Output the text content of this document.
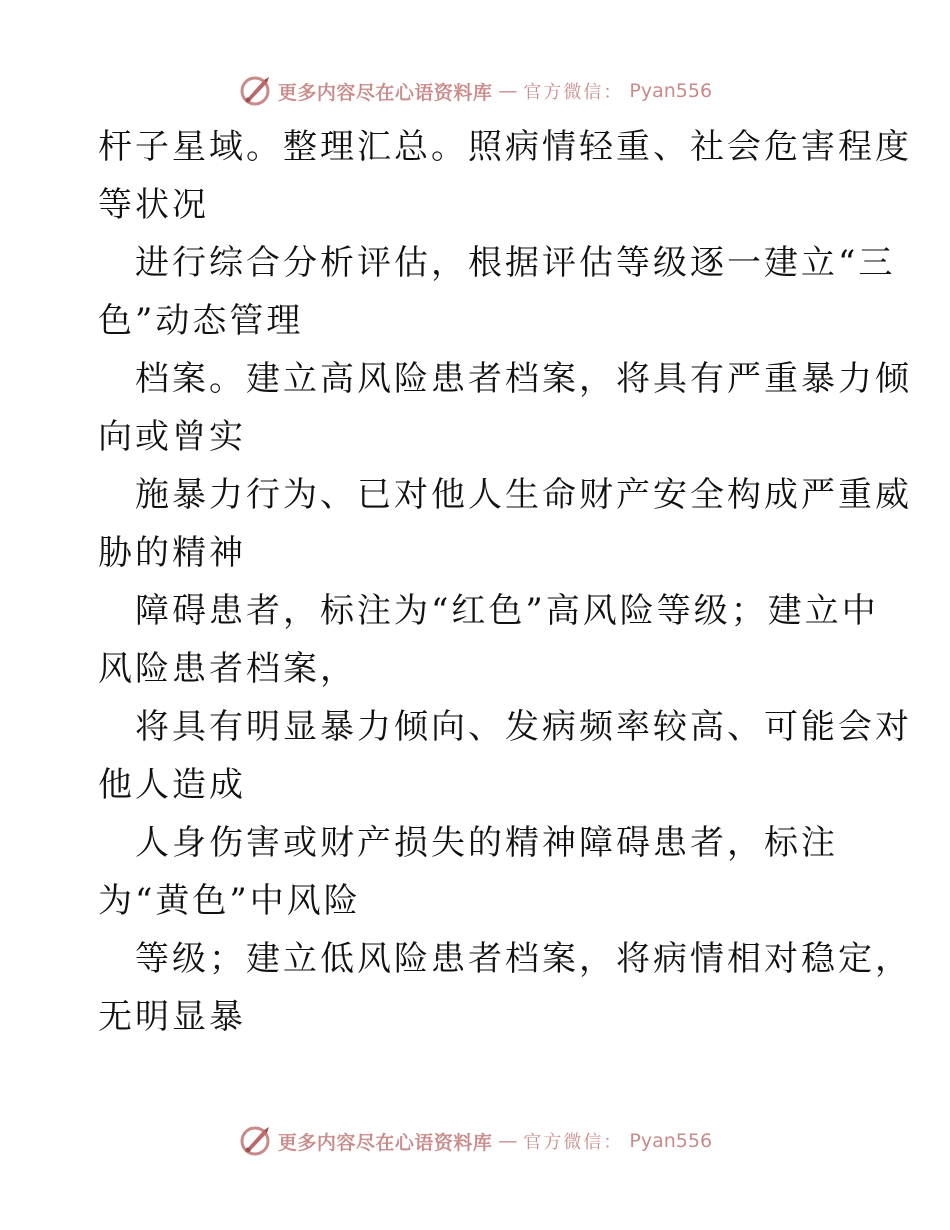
更多内容尽在心语资料库 — 官方微信： Pyan556
杆子星域。整理汇总。照病情轻重、社会危害程度
等状况
进行综合分析评估，根据评估等级逐一建立“三
色”动态管理
档案。建立高风险患者档案，将具有严重暴力倾
向或曾实
施暴力行为、已对他人生命财产安全构成严重威
胁的精神
障碍患者，标注为“红色”高风险等级；建立中
风险患者档案，
将具有明显暴力倾向、发病频率较高、可能会对
他人造成
人身伤害或财产损失的精神障碍患者，标注
为“黄色”中风险
等级；建立低风险患者档案，将病情相对稳定，
无明显暴
更多内容尽在心语资料库 — 官方微信： Pyan556
